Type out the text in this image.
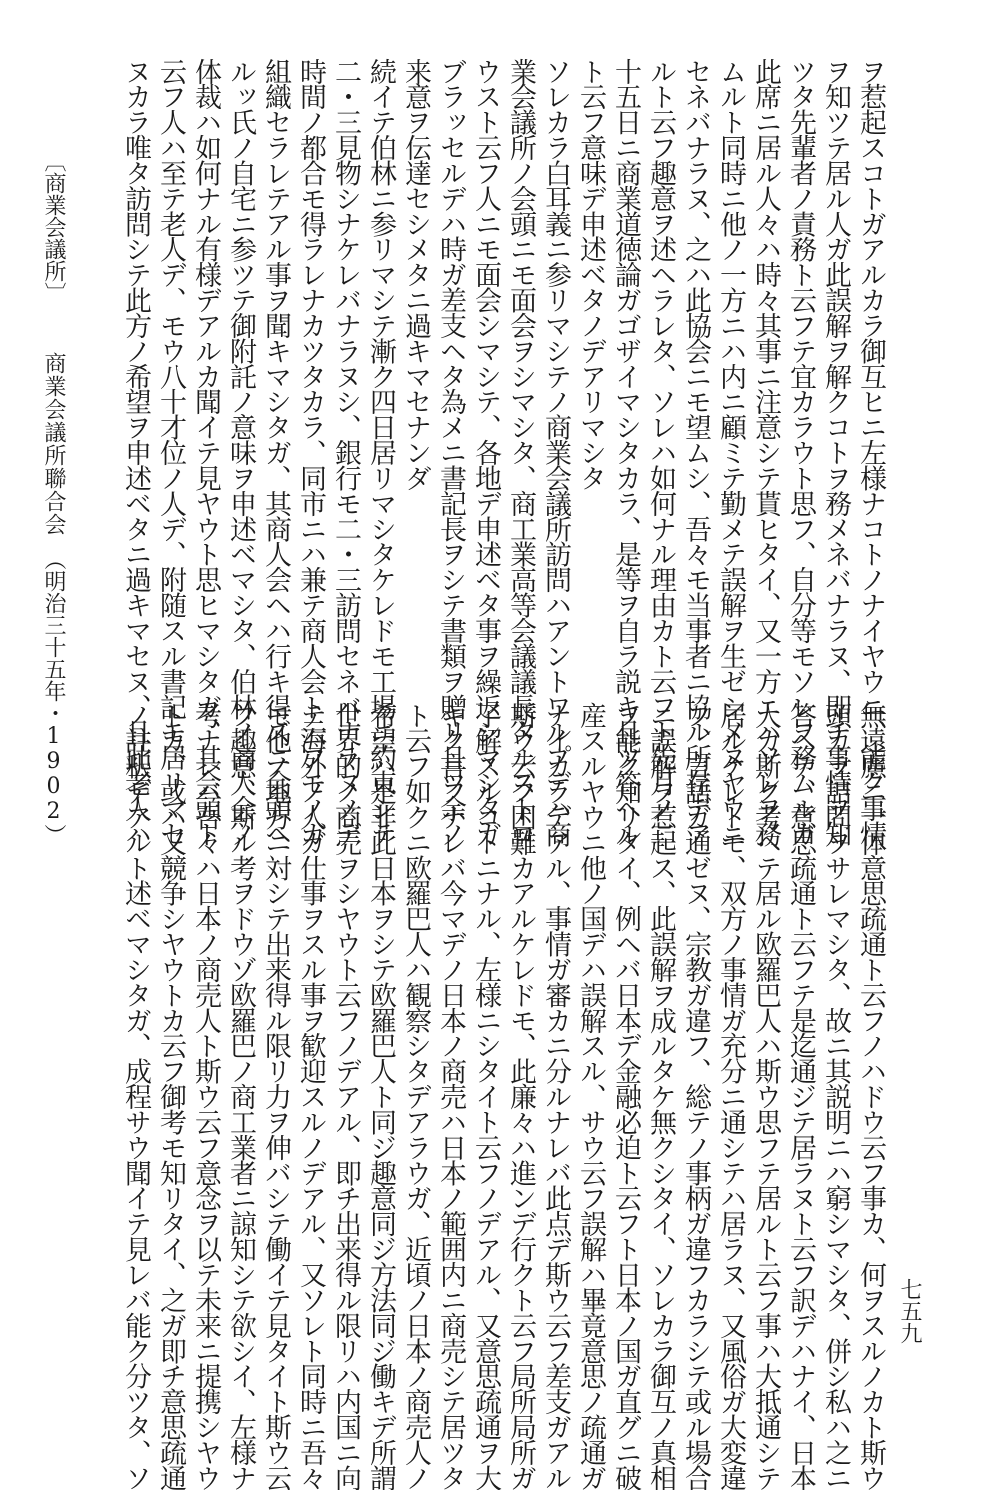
〔商業会議所〕
商業会議所聯合会
（明治三十五年・1902）
七五九
ヲ惹起スコトガアルカラ御互ヒニ左様ナコトノナイヤウニ、能ク事情
ヲ知ツテ居ル人ガ此誤解ヲ解クコトヲ務メネバナラヌ、即チ事情ヲ知
ツタ先輩者ノ責務ト云フテ宜カラウト思フ、自分等モソレヲ務ムルガ
此席ニ居ル人々ハ時々其事ニ注意シテ貰ヒタイ、又一方ニハソレヲ務
ムルト同時ニ他ノ一方ニハ内ニ顧ミテ勤メテ誤解ヲ生ゼシメヌヤウニ
セネバナラヌ、之ハ此協会ニモ望ムシ、吾々モ当事者ニ協ル所存デア
ルト云フ趣意ヲ述ヘラレタ、ソレハ如何ナル理由カト云フト先月ノ二
十五日ニ商業道徳論ガゴザイマシタカラ、是等ヲ自ラ説キ且ツ答ヘル
ト云フ意味デ申述ベタノデアリマシタ
ソレカラ白耳義ニ参リマシテノ商業会議所訪問ハアントワルプデハ商
業会議所ノ会頭ニモ面会ヲシマシタ、商工業高等会議議長タルストロ
ウスト云フ人ニモ面会シマシテ、各地デ申述ベタ事ヲ繰返シマシタガ
ブラッセルデハ時ガ差支ヘタ為メニ書記長ヲシテ書類ヲ贈リ且ツ余ノ
来意ヲ伝達セシメタニ過キマセナンダ
続イテ伯林ニ参リマシテ漸ク四日居リマシタケレドモ工場ニ約束シテ
二・三見物シナケレバナラヌシ、銀行モ二・三訪問セネバナラヌノデ
時間ノ都合モ得ラレナカツタカラ、同市ニハ兼テ商人会ト云フモノガ
組織セラレテアル事ヲ聞キマシタガ、其商人会ヘハ行キ得ズニ会頭ヘ
ルッ氏ノ自宅ニ参ツテ御附託ノ意味ヲ申述ベマシタ、伯林ノ商人会ノ
体裁ハ如何ナル有様デアルカ聞イテ見ヤウト思ヒマシタガ、其会頭ト
云フ人ハ至テ老人デ、モウ八十才位ノ人デ、附随スル書記モ居リマセ
ヌカラ唯タ訪問シテ此方ノ希望ヲ申述ベタニ過キマセヌ、且此老人ハ
無遠慮ニ一体意思疏通ト云フノハドウ云フ事カ、何ヲスルノカト斯ウ
頭カラ詰問ヲサレマシタ、故ニ其説明ニハ窮シマシタ、併シ私ハ之ニ
答ヘテ、意思疏通ト云フテ是迄通ジテ居ラヌト云フ訳デハナイ、日本
人カ斯ク考ヘテ居ル欧羅巴人ハ斯ウ思フテ居ルト云フ事ハ大抵通シテ
居ルケレトモ、双方ノ事情ガ充分ニ通シテハ居ラヌ、又風俗ガ大変違
フ、言語ガ通ゼヌ、宗教ガ違フ、総テノ事柄ガ違フカラシテ或ル場合
ニ誤解ヲ惹起ス、此誤解ヲ成ルタケ無クシタイ、ソレカラ御互ノ真相
ヲ能ク知リタイ、例ヘバ日本デ金融必迫ト云フト日本ノ国ガ直グニ破
産スルヤウニ他ノ国デハ誤解スル、サウ云フ誤解ハ畢竟意思ノ疏通ガ
ナイカラデアル、事情ガ審カニ分ルナレバ此点デ斯ウ云フ差支ガアル
斯ウ云フ困難カアルケレドモ、此廉々ハ進ンデ行クト云フ局所局所ガ
了解スルコトニナル、左様ニシタイト云フノデアル、又意思疏通ヲ大
キク言フナレバ今マデノ日本ノ商売ハ日本ノ範囲内ニ商売シテ居ツタ
ト云フ如クニ欧羅巴人ハ観察シタデアラウガ、近頃ノ日本ノ商売人ノ
希望ハ是非此日本ヲシテ欧羅巴人ト同ジ趣意同ジ方法同ジ働キデ所謂
世界的ノ商売ヲシヤウト云フノデアル、即チ出来得ル限リハ内国ニ向
テ海外ノ人ガ仕事ヲスル事ヲ歓迎スルノデアル、又ソレト同時ニ吾々
モ他ノ地方ニ対シテ出来得ル限リ力ヲ伸バシテ働イテ見タイト斯ウ云
フ趣意、斯ル考ヲドウゾ欧羅巴ノ商工業者ニ諒知シテ欲シイ、左様ナ
考ナレバ吾々ハ日本ノ商売人ト斯ウ云フ意念ヲ以テ未来ニ提携シヤウ
トカ、或ハ又競争シヤウトカ云フ御考モ知リタイ、之ガ即チ意思疏通
ノ註釈デアルト述ベマシタガ、成程サウ聞イテ見レバ能ク分ツタ、ソ
